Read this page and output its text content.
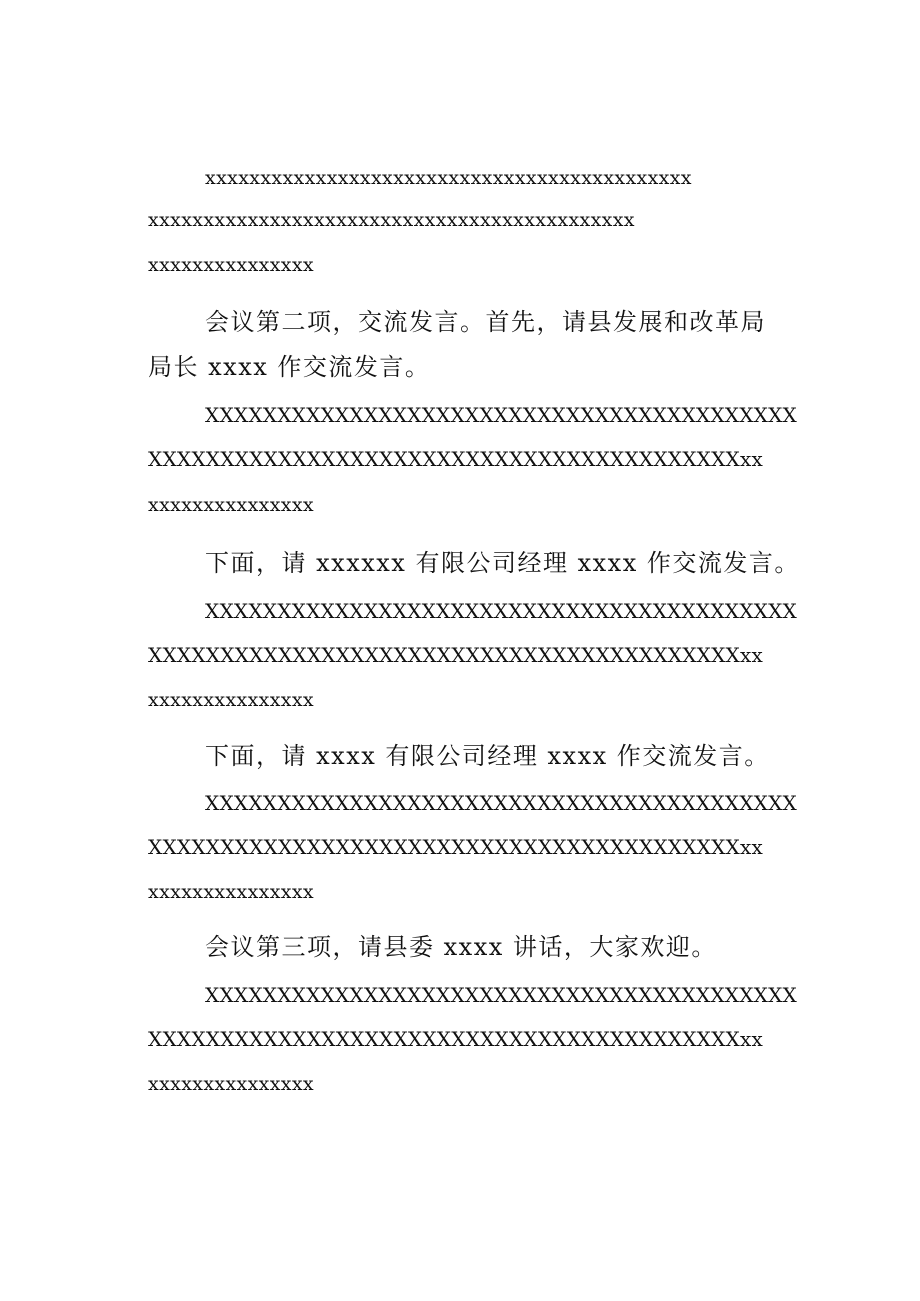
xxxxxxxxxxxxxxxxxxxxxxxxxxxxxxxxxxxxxxxxxxxx

xxxxxxxxxxxxxxxxxxxxxxxxxxxxxxxxxxxxxxxxxxxx

xxxxxxxxxxxxxxx

会议第二项，交流发言。首先，请县发展和改革局

局长 xxxx 作交流发言。

XXXXXXXXXXXXXXXXXXXXXXXXXXXXXXXXXXXXXXXXX

XXXXXXXXXXXXXXXXXXXXXXXXXXXXXXXXXXXXXXXXXxx

xxxxxxxxxxxxxxx

下面，请 xxxxxx 有限公司经理 xxxx 作交流发言。

XXXXXXXXXXXXXXXXXXXXXXXXXXXXXXXXXXXXXXXXX

XXXXXXXXXXXXXXXXXXXXXXXXXXXXXXXXXXXXXXXXXxx

xxxxxxxxxxxxxxx

下面，请 xxxx 有限公司经理 xxxx 作交流发言。

XXXXXXXXXXXXXXXXXXXXXXXXXXXXXXXXXXXXXXXXX

XXXXXXXXXXXXXXXXXXXXXXXXXXXXXXXXXXXXXXXXXxx

xxxxxxxxxxxxxxx

会议第三项，请县委 xxxx 讲话，大家欢迎。

XXXXXXXXXXXXXXXXXXXXXXXXXXXXXXXXXXXXXXXXX

XXXXXXXXXXXXXXXXXXXXXXXXXXXXXXXXXXXXXXXXXxx

xxxxxxxxxxxxxxx
